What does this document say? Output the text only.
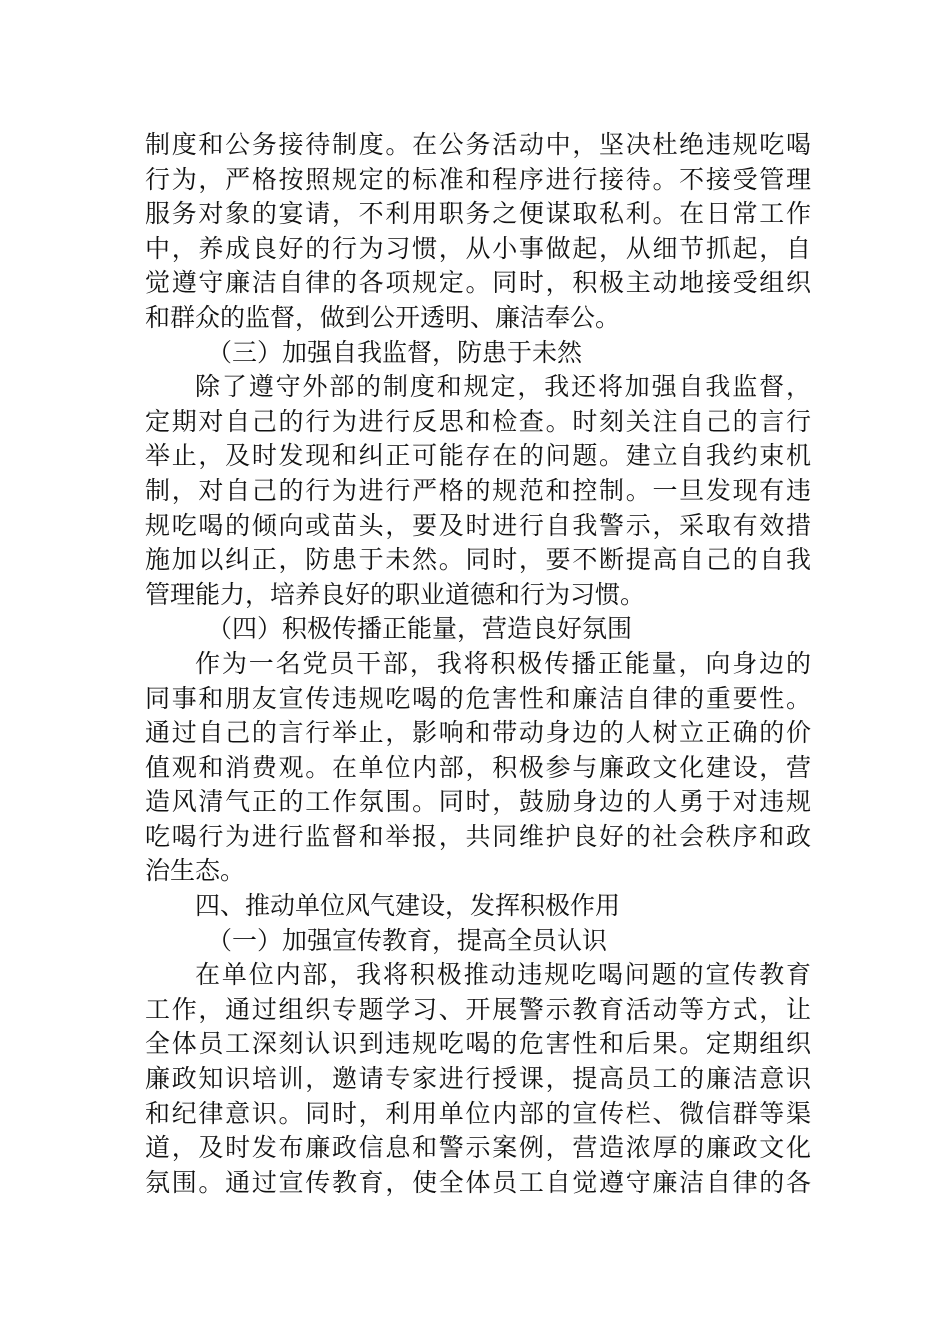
制度和公务接待制度。在公务活动中，坚决杜绝违规吃喝
行为，严格按照规定的标准和程序进行接待。不接受管理
服务对象的宴请，不利用职务之便谋取私利。在日常工作
中，养成良好的行为习惯，从小事做起，从细节抓起，自
觉遵守廉洁自律的各项规定。同时，积极主动地接受组织
和群众的监督，做到公开透明、廉洁奉公。
（三）加强自我监督，防患于未然
除了遵守外部的制度和规定，我还将加强自我监督，
定期对自己的行为进行反思和检查。时刻关注自己的言行
举止，及时发现和纠正可能存在的问题。建立自我约束机
制，对自己的行为进行严格的规范和控制。一旦发现有违
规吃喝的倾向或苗头，要及时进行自我警示，采取有效措
施加以纠正，防患于未然。同时，要不断提高自己的自我
管理能力，培养良好的职业道德和行为习惯。
（四）积极传播正能量，营造良好氛围
作为一名党员干部，我将积极传播正能量，向身边的
同事和朋友宣传违规吃喝的危害性和廉洁自律的重要性。
通过自己的言行举止，影响和带动身边的人树立正确的价
值观和消费观。在单位内部，积极参与廉政文化建设，营
造风清气正的工作氛围。同时，鼓励身边的人勇于对违规
吃喝行为进行监督和举报，共同维护良好的社会秩序和政
治生态。
四、推动单位风气建设，发挥积极作用
（一）加强宣传教育，提高全员认识
在单位内部，我将积极推动违规吃喝问题的宣传教育
工作，通过组织专题学习、开展警示教育活动等方式，让
全体员工深刻认识到违规吃喝的危害性和后果。定期组织
廉政知识培训，邀请专家进行授课，提高员工的廉洁意识
和纪律意识。同时，利用单位内部的宣传栏、微信群等渠
道，及时发布廉政信息和警示案例，营造浓厚的廉政文化
氛围。通过宣传教育，使全体员工自觉遵守廉洁自律的各
